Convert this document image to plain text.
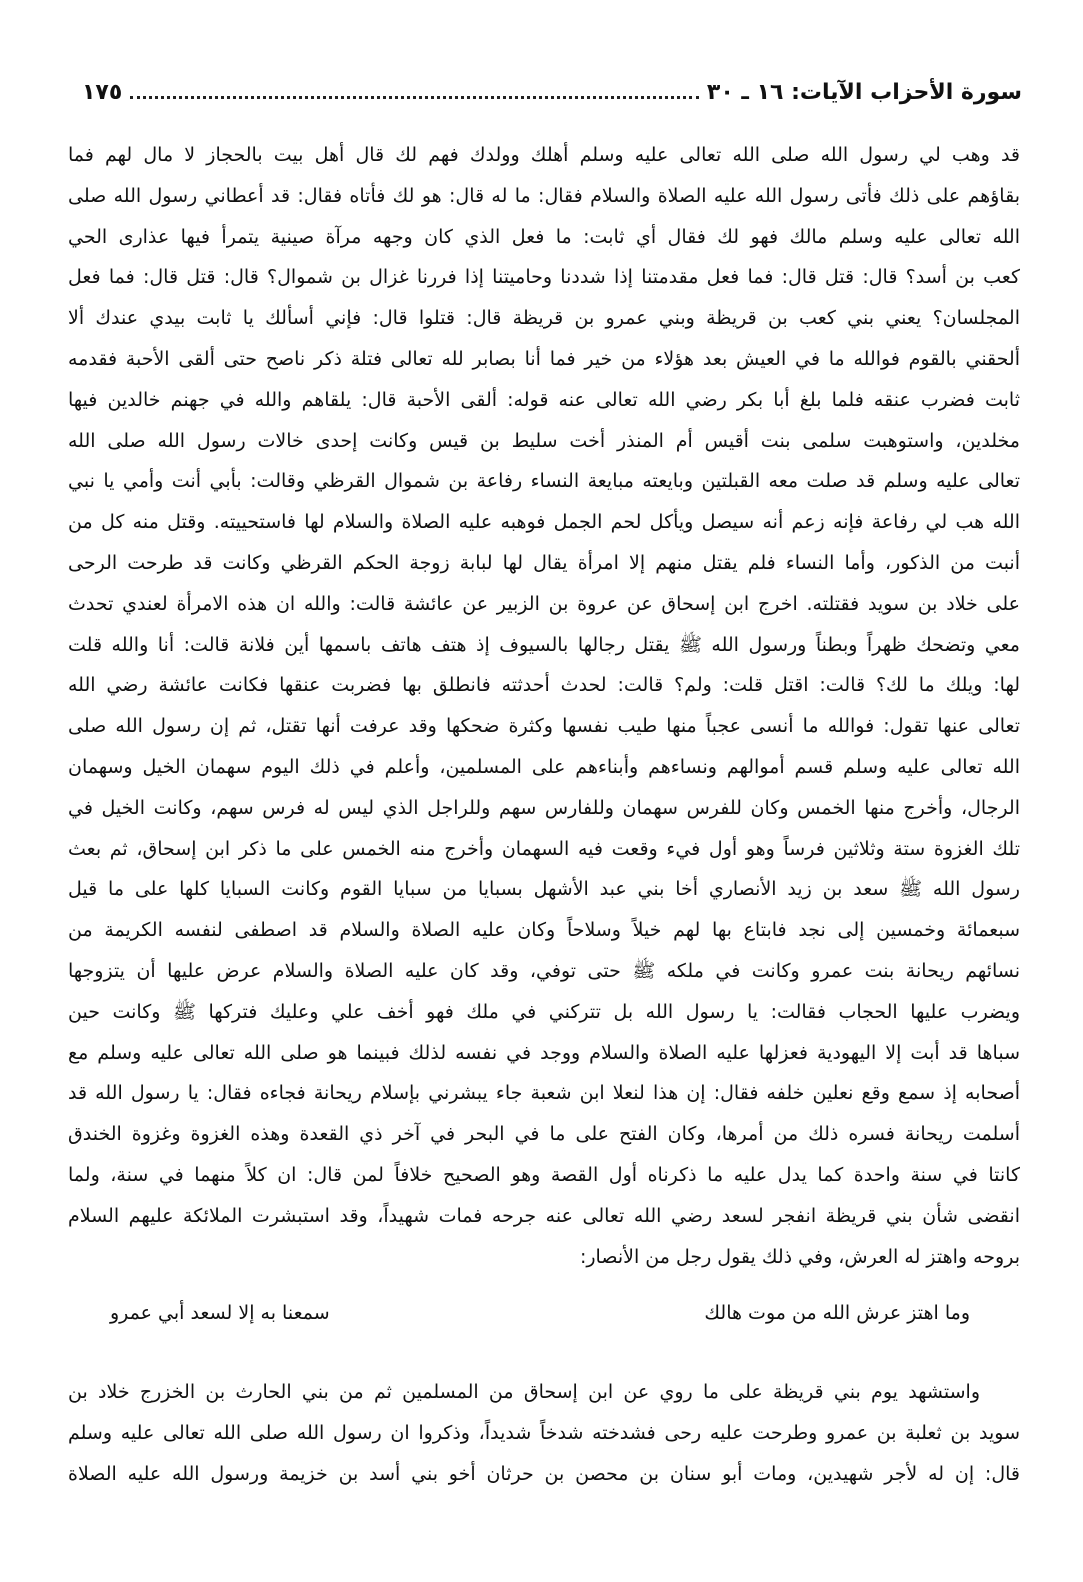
سورة الأحزاب الآيات: ١٦ ـ ٣٠
١٧٥
قد وهب لي رسول الله صلى الله تعالى عليه وسلم أهلك وولدك فهم لك قال أهل بيت بالحجاز لا مال لهم فما
بقاؤهم على ذلك فأتى رسول الله عليه الصلاة والسلام فقال: ما له قال: هو لك فأتاه فقال: قد أعطاني رسول الله صلى
الله تعالى عليه وسلم مالك فهو لك فقال أي ثابت: ما فعل الذي كان وجهه مرآة صينية يتمرأ فيها عذارى الحي
كعب بن أسد؟ قال: قتل قال: فما فعل مقدمتنا إذا شددنا وحاميتنا إذا فررنا غزال بن شموال؟ قال: قتل قال: فما فعل
المجلسان؟ يعني بني كعب بن قريظة وبني عمرو بن قريظة قال: قتلوا قال: فإني أسألك يا ثابت بيدي عندك ألا
ألحقني بالقوم فوالله ما في العيش بعد هؤلاء من خير فما أنا بصابر لله تعالى فتلة ذكر ناصح حتى ألقى الأحبة فقدمه
ثابت فضرب عنقه فلما بلغ أبا بكر رضي الله تعالى عنه قوله: ألقى الأحبة قال: يلقاهم والله في جهنم خالدين فيها
مخلدين، واستوهبت سلمى بنت أقيس أم المنذر أخت سليط بن قيس وكانت إحدى خالات رسول الله صلى الله
تعالى عليه وسلم قد صلت معه القبلتين وبايعته مبايعة النساء رفاعة بن شموال القرظي وقالت: بأبي أنت وأمي يا نبي
الله هب لي رفاعة فإنه زعم أنه سيصل ويأكل لحم الجمل فوهبه عليه الصلاة والسلام لها فاستحييته. وقتل منه كل من
أنبت من الذكور، وأما النساء فلم يقتل منهم إلا امرأة يقال لها لبابة زوجة الحكم القرظي وكانت قد طرحت الرحى
على خلاد بن سويد فقتلته. اخرج ابن إسحاق عن عروة بن الزبير عن عائشة قالت: والله ان هذه الامرأة لعندي تحدث
معي وتضحك ظهراً وبطناً ورسول الله ﷺ يقتل رجالها بالسيوف إذ هتف هاتف باسمها أين فلانة قالت: أنا والله قلت
لها: ويلك ما لك؟ قالت: اقتل قلت: ولم؟ قالت: لحدث أحدثته فانطلق بها فضربت عنقها فكانت عائشة رضي الله
تعالى عنها تقول: فوالله ما أنسى عجباً منها طيب نفسها وكثرة ضحكها وقد عرفت أنها تقتل، ثم إن رسول الله صلى
الله تعالى عليه وسلم قسم أموالهم ونساءهم وأبناءهم على المسلمين، وأعلم في ذلك اليوم سهمان الخيل وسهمان
الرجال، وأخرج منها الخمس وكان للفرس سهمان وللفارس سهم وللراجل الذي ليس له فرس سهم، وكانت الخيل في
تلك الغزوة ستة وثلاثين فرساً وهو أول فيء وقعت فيه السهمان وأخرج منه الخمس على ما ذكر ابن إسحاق، ثم بعث
رسول الله ﷺ سعد بن زيد الأنصاري أخا بني عبد الأشهل بسبايا من سبايا القوم وكانت السبايا كلها على ما قيل
سبعمائة وخمسين إلى نجد فابتاع بها لهم خيلاً وسلاحاً وكان عليه الصلاة والسلام قد اصطفى لنفسه الكريمة من
نسائهم ريحانة بنت عمرو وكانت في ملكه ﷺ حتى توفي، وقد كان عليه الصلاة والسلام عرض عليها أن يتزوجها
ويضرب عليها الحجاب فقالت: يا رسول الله بل تتركني في ملك فهو أخف علي وعليك فتركها ﷺ وكانت حين
سباها قد أبت إلا اليهودية فعزلها عليه الصلاة والسلام ووجد في نفسه لذلك فبينما هو صلى الله تعالى عليه وسلم مع
أصحابه إذ سمع وقع نعلين خلفه فقال: إن هذا لنعلا ابن شعبة جاء يبشرني بإسلام ريحانة فجاءه فقال: يا رسول الله قد
أسلمت ريحانة فسره ذلك من أمرها، وكان الفتح على ما في البحر في آخر ذي القعدة وهذه الغزوة وغزوة الخندق
كانتا في سنة واحدة كما يدل عليه ما ذكرناه أول القصة وهو الصحيح خلافاً لمن قال: ان كلاً منهما في سنة، ولما
انقضى شأن بني قريظة انفجر لسعد رضي الله تعالى عنه جرحه فمات شهيداً، وقد استبشرت الملائكة عليهم السلام
بروحه واهتز له العرش، وفي ذلك يقول رجل من الأنصار:
وما اهتز عرش الله من موت هالك
سمعنا به إلا لسعد أبي عمرو
واستشهد يوم بني قريظة على ما روي عن ابن إسحاق من المسلمين ثم من بني الحارث بن الخزرج خلاد بن
سويد بن ثعلبة بن عمرو وطرحت عليه رحى فشدخته شدخاً شديداً، وذكروا ان رسول الله صلى الله تعالى عليه وسلم
قال: إن له لأجر شهيدين، ومات أبو سنان بن محصن بن حرثان أخو بني أسد بن خزيمة ورسول الله عليه الصلاة
